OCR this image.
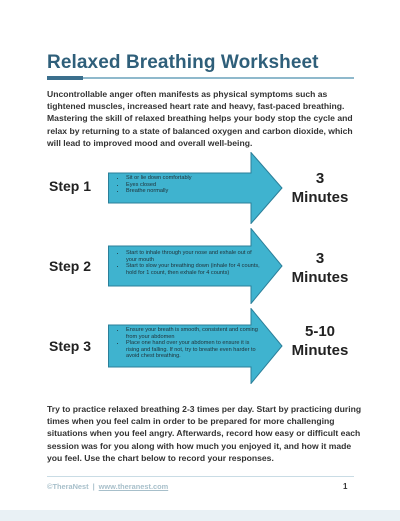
Relaxed Breathing Worksheet
Uncontrollable anger often manifests as physical symptoms such as tightened muscles, increased heart rate and heavy, fast-paced breathing. Mastering the skill of relaxed breathing helps your body stop the cycle and relax by returning to a state of balanced oxygen and carbon dioxide, which will lead to improved mood and overall well-being.
Step 1
•	Sit or lie down comfortably
• Eyes closed
• Breathe normally
3
Minutes
Step 2
• Start to inhale through your nose and exhale out of your mouth
• Start to slow your breathing down (inhale for 4 counts, hold for 1 count, then exhale for 4 counts)
3
Minutes
Step 3
• Ensure your breath is smooth, consistent and coming from your abdomen
• Place one hand over your abdomen to ensure it is rising and falling. If not, try to breathe even harder to avoid chest breathing.
5-10
Minutes
Try to practice relaxed breathing 2-3 times per day. Start by practicing during times when you feel calm in order to be prepared for more challenging situations when you feel angry. Afterwards, record how easy or difficult each session was for you along with how much you enjoyed it, and how it made you feel. Use the chart below to record your responses.
©TheraNest | www.theranest.com	1
